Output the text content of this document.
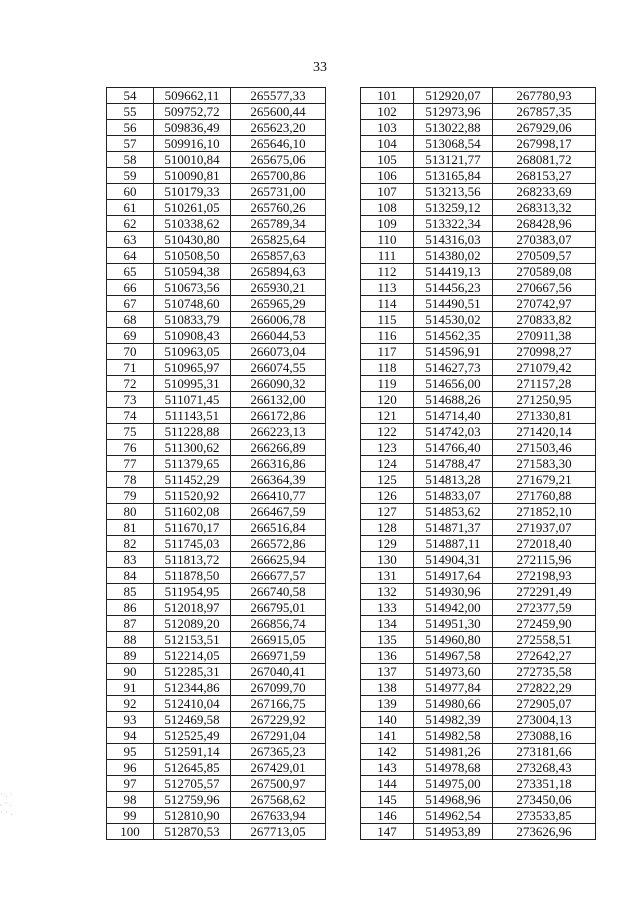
33
54	509662,11	265577,33
55	509752,72	265600,44
56	509836,49	265623,20
57	509916,10	265646,10
58	510010,84	265675,06
59	510090,81	265700,86
60	510179,33	265731,00
61	510261,05	265760,26
62	510338,62	265789,34
63	510430,80	265825,64
64	510508,50	265857,63
65	510594,38	265894,63
66	510673,56	265930,21
67	510748,60	265965,29
68	510833,79	266006,78
69	510908,43	266044,53
70	510963,05	266073,04
71	510965,97	266074,55
72	510995,31	266090,32
73	511071,45	266132,00
74	511143,51	266172,86
75	511228,88	266223,13
76	511300,62	266266,89
77	511379,65	266316,86
78	511452,29	266364,39
79	511520,92	266410,77
80	511602,08	266467,59
81	511670,17	266516,84
82	511745,03	266572,86
83	511813,72	266625,94
84	511878,50	266677,57
85	511954,95	266740,58
86	512018,97	266795,01
87	512089,20	266856,74
88	512153,51	266915,05
89	512214,05	266971,59
90	512285,31	267040,41
91	512344,86	267099,70
92	512410,04	267166,75
93	512469,58	267229,92
94	512525,49	267291,04
95	512591,14	267365,23
96	512645,85	267429,01
97	512705,57	267500,97
98	512759,96	267568,62
99	512810,90	267633,94
100	512870,53	267713,05
101	512920,07	267780,93
102	512973,96	267857,35
103	513022,88	267929,06
104	513068,54	267998,17
105	513121,77	268081,72
106	513165,84	268153,27
107	513213,56	268233,69
108	513259,12	268313,32
109	513322,34	268428,96
110	514316,03	270383,07
111	514380,02	270509,57
112	514419,13	270589,08
113	514456,23	270667,56
114	514490,51	270742,97
115	514530,02	270833,82
116	514562,35	270911,38
117	514596,91	270998,27
118	514627,73	271079,42
119	514656,00	271157,28
120	514688,26	271250,95
121	514714,40	271330,81
122	514742,03	271420,14
123	514766,40	271503,46
124	514788,47	271583,30
125	514813,28	271679,21
126	514833,07	271760,88
127	514853,62	271852,10
128	514871,37	271937,07
129	514887,11	272018,40
130	514904,31	272115,96
131	514917,64	272198,93
132	514930,96	272291,49
133	514942,00	272377,59
134	514951,30	272459,90
135	514960,80	272558,51
136	514967,58	272642,27
137	514973,60	272735,58
138	514977,84	272822,29
139	514980,66	272905,07
140	514982,39	273004,13
141	514982,58	273088,16
142	514981,26	273181,66
143	514978,68	273268,43
144	514975,00	273351,18
145	514968,96	273450,06
146	514962,54	273533,85
147	514953,89	273626,96
· . ·
. · .
· · .
